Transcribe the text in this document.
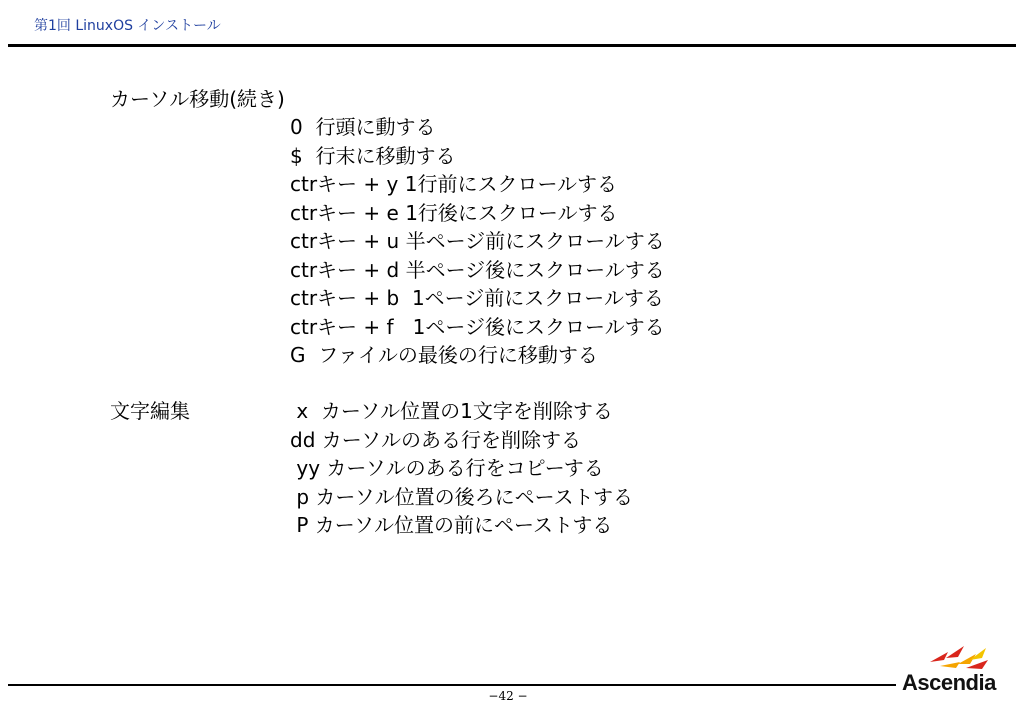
第1回 LinuxOS インストール
カーソル移動(続き)
0  行頭に動する
$  行末に移動する
ctrキー + y 1行前にスクロールする
ctrキー + e 1行後にスクロールする
ctrキー + u 半ページ前にスクロールする
ctrキー + d 半ページ後にスクロールする
ctrキー + b  1ページ前にスクロールする
ctrキー + f   1ページ後にスクロールする
G  ファイルの最後の行に移動する
文字編集	x  カーソル位置の1文字を削除する
dd カーソルのある行を削除する
yy カーソルのある行をコピーする
p カーソル位置の後ろにペーストする
P カーソル位置の前にペーストする
−42 −
Ascendia
